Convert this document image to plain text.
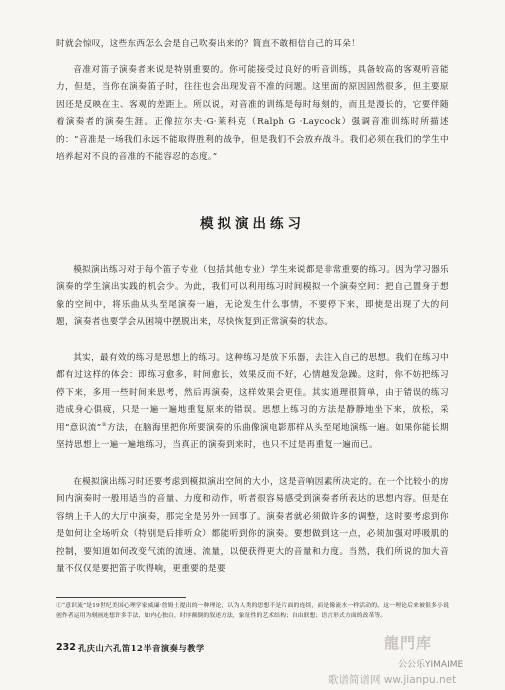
时就会惊叹，这些东西怎么会是自己吹奏出来的？简直不敢相信自己的耳朵！

音准对笛子演奏者来说是特别重要的。你可能接受过良好的听音训练，具备较高的客观听音能力，但是，当你在演奏笛子时，往往也会出现发音不准的问题。这里面的原因固然很多，但主要原因还是反映在主、客观的差距上。所以说，对音准的训练是每时每刻的，而且是漫长的，它要伴随着演奏者的演奏生涯。正像拉尔夫·G·莱科克（Ralph G ·Laycock）强调音准训练时所描述的：“音准是一场我们永远不能取得胜利的战争，但是我们不会放弃战斗。我们必须在我们的学生中培养起对不良的音准的不能容忍的态度。”

模拟演出练习

模拟演出练习对于每个笛子专业（包括其他专业）学生来说都是非常重要的练习。因为学习器乐演奏的学生演出实践的机会少。为此，我们可以利用练习时间模拟一个演奏空间：把自己置身于想象的空间中，将乐曲从头至尾演奏一遍，无论发生什么事情，不要停下来，即使是出现了大的问题，演奏者也要学会从困境中摆脱出来，尽快恢复到正常演奏的状态。

其实，最有效的练习是思想上的练习。这种练习是放下乐器，去注入自己的思想。我们在练习中都有过这样的体会：即练习愈多，时间愈长，效果反而不好，心情越发急躁。这时，你不妨把练习停下来，多用一些时间来思考，然后再演奏，这样效果会更佳。其实道理很简单，由于错误的练习造成身心俱疲，只是一遍一遍地重复原来的错误。思想上练习的方法是静静地坐下来，放松，采用“意识流”①方法，在脑海里把你所要演奏的乐曲像演电影那样从头至尾地演练一遍。如果你能长期坚持思想上一遍一遍地练习，当真正的演奏到来时，也只不过是再重复一遍而已。

在模拟演出练习时还要考虑到模拟演出空间的大小，这是音响因素所决定的。在一个比较小的房间内演奏时一般用适当的音量、力度和动作，听者很容易感受到演奏者所表达的思想内容。但是在容纳上千人的大厅中演奏，那完全是另外一回事了。演奏者就必须做许多的调整，这时要考虑到你是如何让全场听众（特别是后排听众）都能听到你的演奏。要想做到这一点，必须加强对呼吸肌的控制，要知道如何改变气流的流速、流量，以便获得更大的音量和力度。当然，我们所说的加大音量不仅仅是要把笛子吹得响，更重要的是要

①“意识流”是19世纪美国心理学家威廉·詹姆士提出的一种理论，认为人类的思想不是片面的连续，而是像流水一样活动的。这一理论后来被很多小说创作者运用为刻画连想许多手法，如内心独白，时序颠倒的叙述方法，象征性的艺术结构；自由联想；语言形式方面的改革等。

232 孔庆山六孔笛12半音演奏与教学	龍門库
公公乐YIMAIME
歌谱简谱网 ww.jianpu.net
